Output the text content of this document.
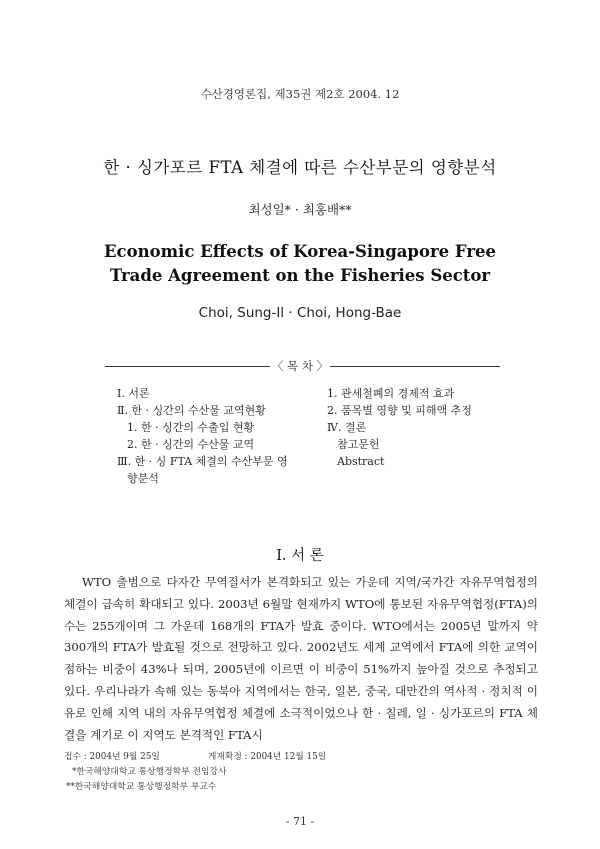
수산경영론집, 제35권 제2호 2004. 12
한 · 싱가포르 FTA 체결에 따른 수산부문의 영향분석
최성일* · 최홍배**
Economic Effects of Korea-Singapore Free
Trade Agreement on the Fisheries Sector
Choi, Sung-Il · Choi, Hong-Bae
〈 목 차 〉
Ⅰ. 서론
Ⅱ. 한 · 싱간의 수산물 교역현황
1. 한 · 싱간의 수출입 현황
2. 한 · 싱간의 수산물 교역
Ⅲ. 한 · 싱 FTA 체결의 수산부문 영
향분석
1. 관세철폐의 경제적 효과
2. 품목별 영향 및 피해액 추정
Ⅳ. 결론
참고문헌
Abstract
Ⅰ. 서 론

WTO 출범으로 다자간 무역질서가 본격화되고 있는 가운데 지역/국가간 자유무역협정의 체결이 급속히 확대되고 있다. 2003년 6월말 현재까지 WTO에 통보된 자유무역협정(FTA)의 수는 255개이며 그 가운데 168개의 FTA가 발효 중이다. WTO에서는 2005년 말까지 약 300개의 FTA가 발효될 것으로 전망하고 있다. 2002년도 세계 교역에서 FTA에 의한 교역이 점하는 비중이 43%나 되며, 2005년에 이르면 이 비중이 51%까지 높아질 것으로 추정되고 있다. 우리나라가 속해 있는 동북아 지역에서는 한국, 일본, 중국, 대만간의 역사적 · 정치적 이유로 인해 지역 내의 자유무역협정 체결에 소극적이었으나 한 · 칠레, 일 · 싱가포르의 FTA 체결을 계기로 이 지역도 본격적인 FTA시

접수 : 2004년 9월 25일	게재확정 : 2004년 12월 15일
*한국해양대학교 통상행정학부 전임강사
**한국해양대학교 통상행정학부 부교수
- 71 -
